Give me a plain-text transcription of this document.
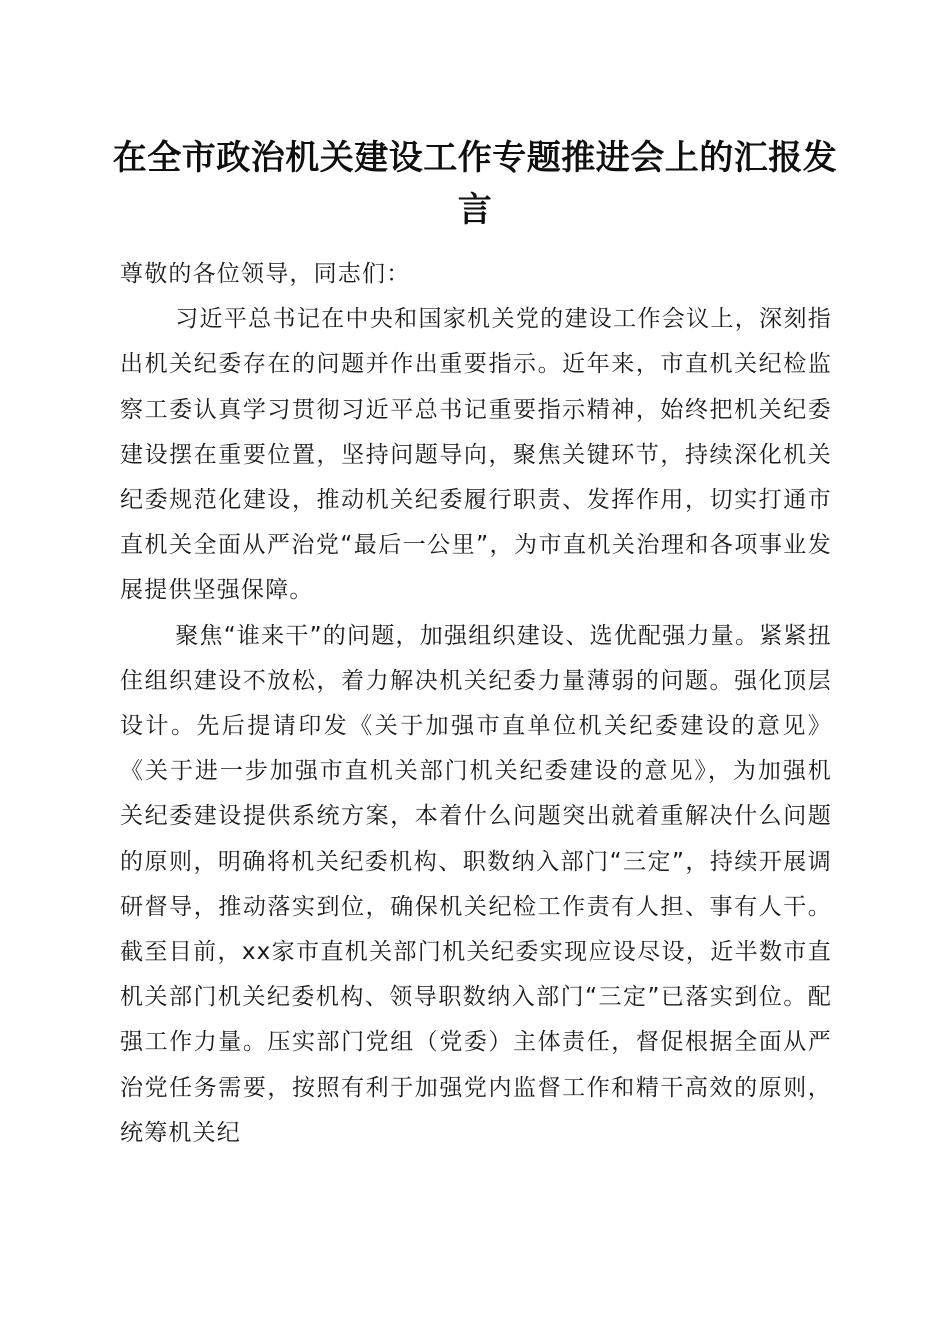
在全市政治机关建设工作专题推进会上的汇报发言

尊敬的各位领导，同志们：

习近平总书记在中央和国家机关党的建设工作会议上，深刻指出机关纪委存在的问题并作出重要指示。近年来，市直机关纪检监察工委认真学习贯彻习近平总书记重要指示精神，始终把机关纪委建设摆在重要位置，坚持问题导向，聚焦关键环节，持续深化机关纪委规范化建设，推动机关纪委履行职责、发挥作用，切实打通市直机关全面从严治党“最后一公里”，为市直机关治理和各项事业发展提供坚强保障。

聚焦“谁来干”的问题，加强组织建设、选优配强力量。紧紧扭住组织建设不放松，着力解决机关纪委力量薄弱的问题。强化顶层设计。先后提请印发《关于加强市直单位机关纪委建设的意见》《关于进一步加强市直机关部门机关纪委建设的意见》，为加强机关纪委建设提供系统方案，本着什么问题突出就着重解决什么问题的原则，明确将机关纪委机构、职数纳入部门“三定”，持续开展调研督导，推动落实到位，确保机关纪检工作责有人担、事有人干。截至目前，xx家市直机关部门机关纪委实现应设尽设，近半数市直机关部门机关纪委机构、领导职数纳入部门“三定”已落实到位。配强工作力量。压实部门党组（党委）主体责任，督促根据全面从严治党任务需要，按照有利于加强党内监督工作和精干高效的原则，统筹机关纪
